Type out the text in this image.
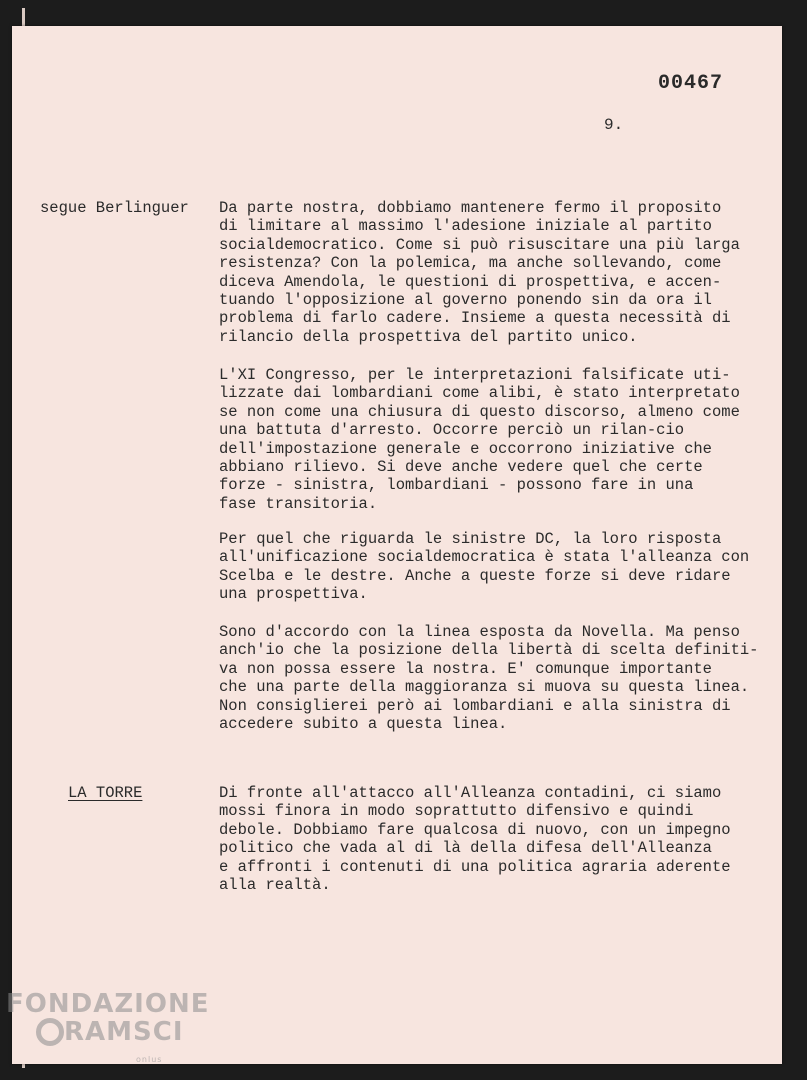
00467
9.
segue Berlinguer Da parte nostra, dobbiamo mantenere fermo il proposito
di limitare al massimo l'adesione iniziale al partito
socialdemocratico. Come si può risuscitare una più larga
resistenza? Con la polemica, ma anche sollevando, come
diceva Amendola, le questioni di prospettiva, e accen-
tuando l'opposizione al governo ponendo sin da ora il
problema di farlo cadere. Insieme a questa necessità di
rilancio della prospettiva del partito unico.
L'XI Congresso, per le interpretazioni falsificate uti-
lizzate dai lombardiani come alibi, è stato interpretato
se non come una chiusura di questo discorso, almeno come
una battuta d'arresto. Occorre perciò un rilan-cio
dell'impostazione generale e occorrono iniziative che
abbiano rilievo. Si deve anche vedere quel che certe
forze - sinistra, lombardiani - possono fare in una
fase transitoria.
Per quel che riguarda le sinistre DC, la loro risposta
all'unificazione socialdemocratica è stata l'alleanza con
Scelba e le destre. Anche a queste forze si deve ridare
una prospettiva.
Sono d'accordo con la linea esposta da Novella. Ma penso
anch'io che la posizione della libertà di scelta definiti-
va non possa essere la nostra. E' comunque importante
che una parte della maggioranza si muova su questa linea.
Non consiglierei però ai lombardiani e alla sinistra di
accedere subito a questa linea.
LA TORRE	Di fronte all'attacco all'Alleanza contadini, ci siamo
mossi finora in modo soprattutto difensivo e quindi
debole. Dobbiamo fare qualcosa di nuovo, con un impegno
politico che vada al di là della difesa dell'Alleanza
e affronti i contenuti di una politica agraria aderente
alla realtà.
FONDAZIONE
RAMSCI
onlus
